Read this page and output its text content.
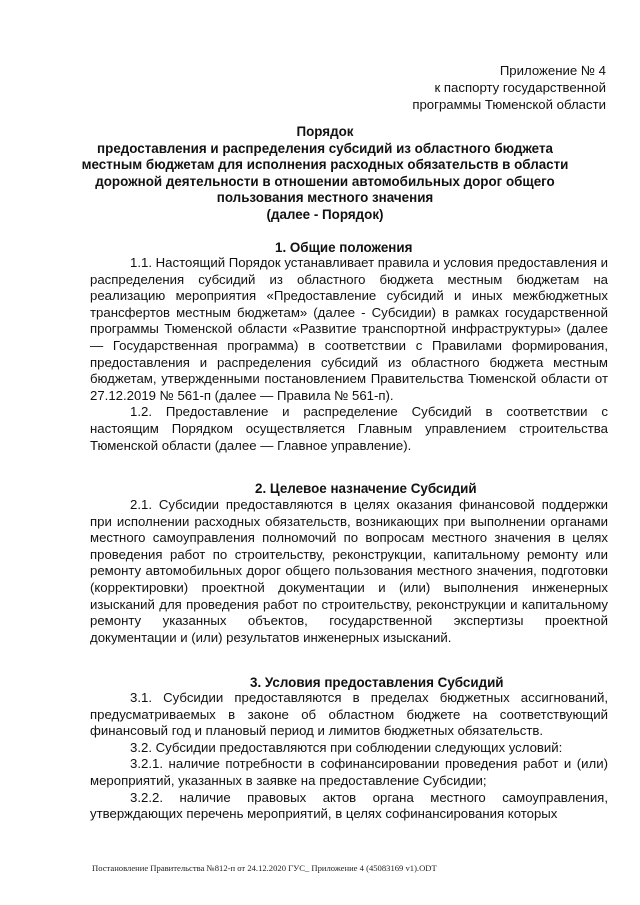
Приложение № 4
к паспорту государственной
программы Тюменской области
Порядок
предоставления и распределения субсидий из областного бюджета
местным бюджетам для исполнения расходных обязательств в области
дорожной деятельности в отношении автомобильных дорог общего
пользования местного значения
(далее - Порядок)
1. Общие положения

1.1. Настоящий Порядок устанавливает правила и условия предоставления и распределения субсидий из областного бюджета местным бюджетам на реализацию мероприятия «Предоставление субсидий и иных межбюджетных трансфертов местным бюджетам» (далее - Субсидии) в рамках государственной программы Тюменской области «Развитие транспортной инфраструктуры» (далее — Государственная программа) в соответствии с Правилами формирования, предоставления и распределения субсидий из областного бюджета местным бюджетам, утвержденными постановлением Правительства Тюменской области от 27.12.2019 № 561-п (далее — Правила № 561-п).

1.2. Предоставление и распределение Субсидий в соответствии с настоящим Порядком осуществляется Главным управлением строительства Тюменской области (далее — Главное управление).

2. Целевое назначение Субсидий

2.1. Субсидии предоставляются в целях оказания финансовой поддержки при исполнении расходных обязательств, возникающих при выполнении органами местного самоуправления полномочий по вопросам местного значения в целях проведения работ по строительству, реконструкции, капитальному ремонту или ремонту автомобильных дорог общего пользования местного значения, подготовки (корректировки) проектной документации и (или) выполнения инженерных изысканий для проведения работ по строительству, реконструкции и капитальному ремонту указанных объектов, государственной экспертизы проектной документации и (или) результатов инженерных изысканий.

3. Условия предоставления Субсидий

3.1. Субсидии предоставляются в пределах бюджетных ассигнований, предусматриваемых в законе об областном бюджете на соответствующий финансовый год и плановый период и лимитов бюджетных обязательств.

3.2. Субсидии предоставляются при соблюдении следующих условий:

3.2.1. наличие потребности в софинансировании проведения работ и (или) мероприятий, указанных в заявке на предоставление Субсидии;

3.2.2. наличие правовых актов органа местного самоуправления, утверждающих перечень мероприятий, в целях софинансирования которых

Постановление Правительства №812-п от 24.12.2020 ГУС_ Приложение 4 (45083169 v1).ODT
